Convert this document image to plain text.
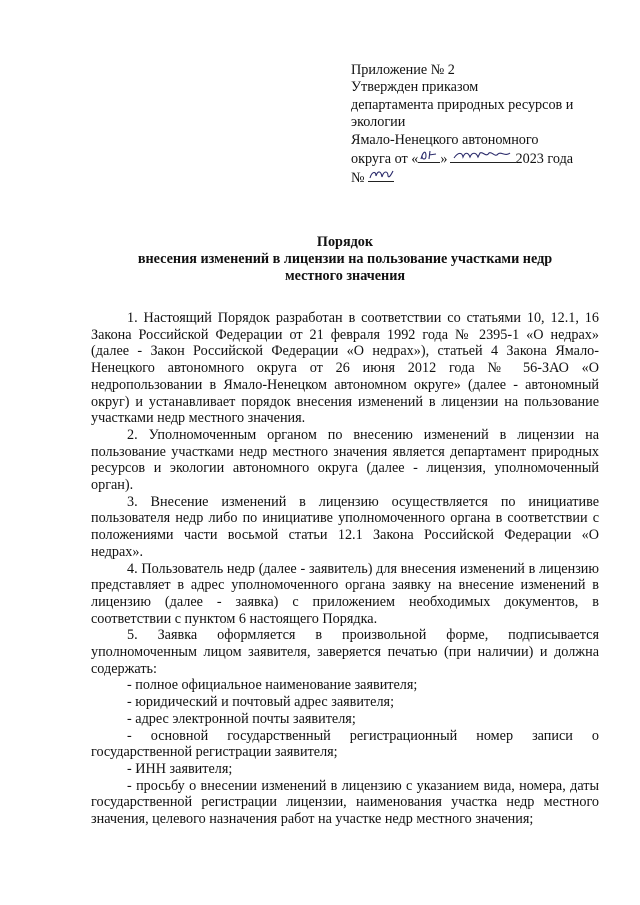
Приложение № 2
Утвержден приказом
департамента природных ресурсов и
экологии
Ямало-Ненецкого автономного
округа от « »	2023 года
№
Порядок
внесения изменений в лицензии на пользование участками недр
местного значения

1. Настоящий Порядок разработан в соответствии со статьями 10, 12.1, 16 Закона Российской Федерации от 21 февраля 1992 года № 2395-1 «О недрах» (далее - Закон Российской Федерации «О недрах»), статьей 4 Закона Ямало-Ненецкого автономного округа от 26 июня 2012 года № 56-ЗАО «О недропользовании в Ямало-Ненецком автономном округе» (далее - автономный округ) и устанавливает порядок внесения изменений в лицензии на пользование участками недр местного значения.

2. Уполномоченным органом по внесению изменений в лицензии на пользование участками недр местного значения является департамент природных ресурсов и экологии автономного округа (далее - лицензия, уполномоченный орган).

3. Внесение изменений в лицензию осуществляется по инициативе пользователя недр либо по инициативе уполномоченного органа в соответствии с положениями части восьмой статьи 12.1 Закона Российской Федерации «О недрах».

4. Пользователь недр (далее - заявитель) для внесения изменений в лицензию представляет в адрес уполномоченного органа заявку на внесение изменений в лицензию (далее - заявка) с приложением необходимых документов, в соответствии с пунктом 6 настоящего Порядка.

5. Заявка оформляется в произвольной форме, подписывается уполномоченным лицом заявителя, заверяется печатью (при наличии) и должна содержать:

- полное официальное наименование заявителя;

- юридический и почтовый адрес заявителя;

- адрес электронной почты заявителя;

- основной государственный регистрационный номер записи о государственной регистрации заявителя;

- ИНН заявителя;

- просьбу о внесении изменений в лицензию с указанием вида, номера, даты государственной регистрации лицензии, наименования участка недр местного значения, целевого назначения работ на участке недр местного значения;
